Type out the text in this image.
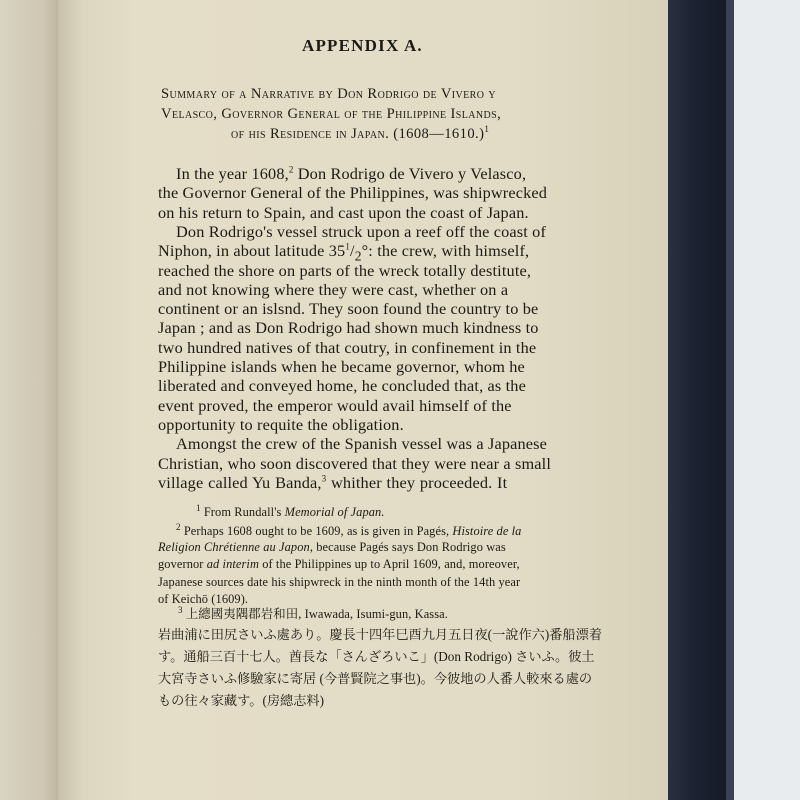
APPENDIX A.
Summary of a Narrative by Don Rodrigo de Vivero y
Velasco, Governor General of the Philippine Islands,
of his Residence in Japan. (1608—1610.)$^1$
In the year 1608,$^2$ Don Rodrigo de Vivero y Velasco,
the Governor General of the Philippines, was shipwrecked
on his return to Spain, and cast upon the coast of Japan.
Don Rodrigo's vessel struck upon a reef off the coast of
Niphon, in about latitude $35^1/_2^\circ$: the crew, with himself,
reached the shore on parts of the wreck totally destitute,
and not knowing where they were cast, whether on a
continent or an islsnd. They soon found the country to be
Japan ; and as Don Rodrigo had shown much kindness to
two hundred natives of that coutry, in confinement in the
Philippine islands when he became governor, whom he
liberated and conveyed home, he concluded that, as the
event proved, the emperor would avail himself of the
opportunity to requite the obligation.
Amongst the crew of the Spanish vessel was a Japanese
Christian, who soon discovered that they were near a small
village called Yu Banda,$^3$ whither they proceeded. It
$^1$ From Rundall's Memorial of Japan.
$^2$ Perhaps 1608 ought to be 1609, as is given in Pagés, Histoire de la
Religion Chrétienne au Japon, because Pagés says Don Rodrigo was
governor ad interim of the Philippines up to April 1609, and, moreover,
Japanese sources date his shipwreck in the ninth month of the 14th year
of Keichō (1609).
$^3$ 上總國夷隅郡岩和田, Iwawada, Isumi-gun, Kassa.
岩曲浦に田尻さいふ處あり。慶長十四年巳酉九月五日夜(一說作六)番船漂着
す。通船三百十七人。酋長な「さんざろいこ」(Don Rodrigo) さいふ。彼土
大宮寺さいふ修驗家に寄居 (今普賢院之事也)。今彼地の人番人較來る處の
もの往々家藏す。(房總志料)
